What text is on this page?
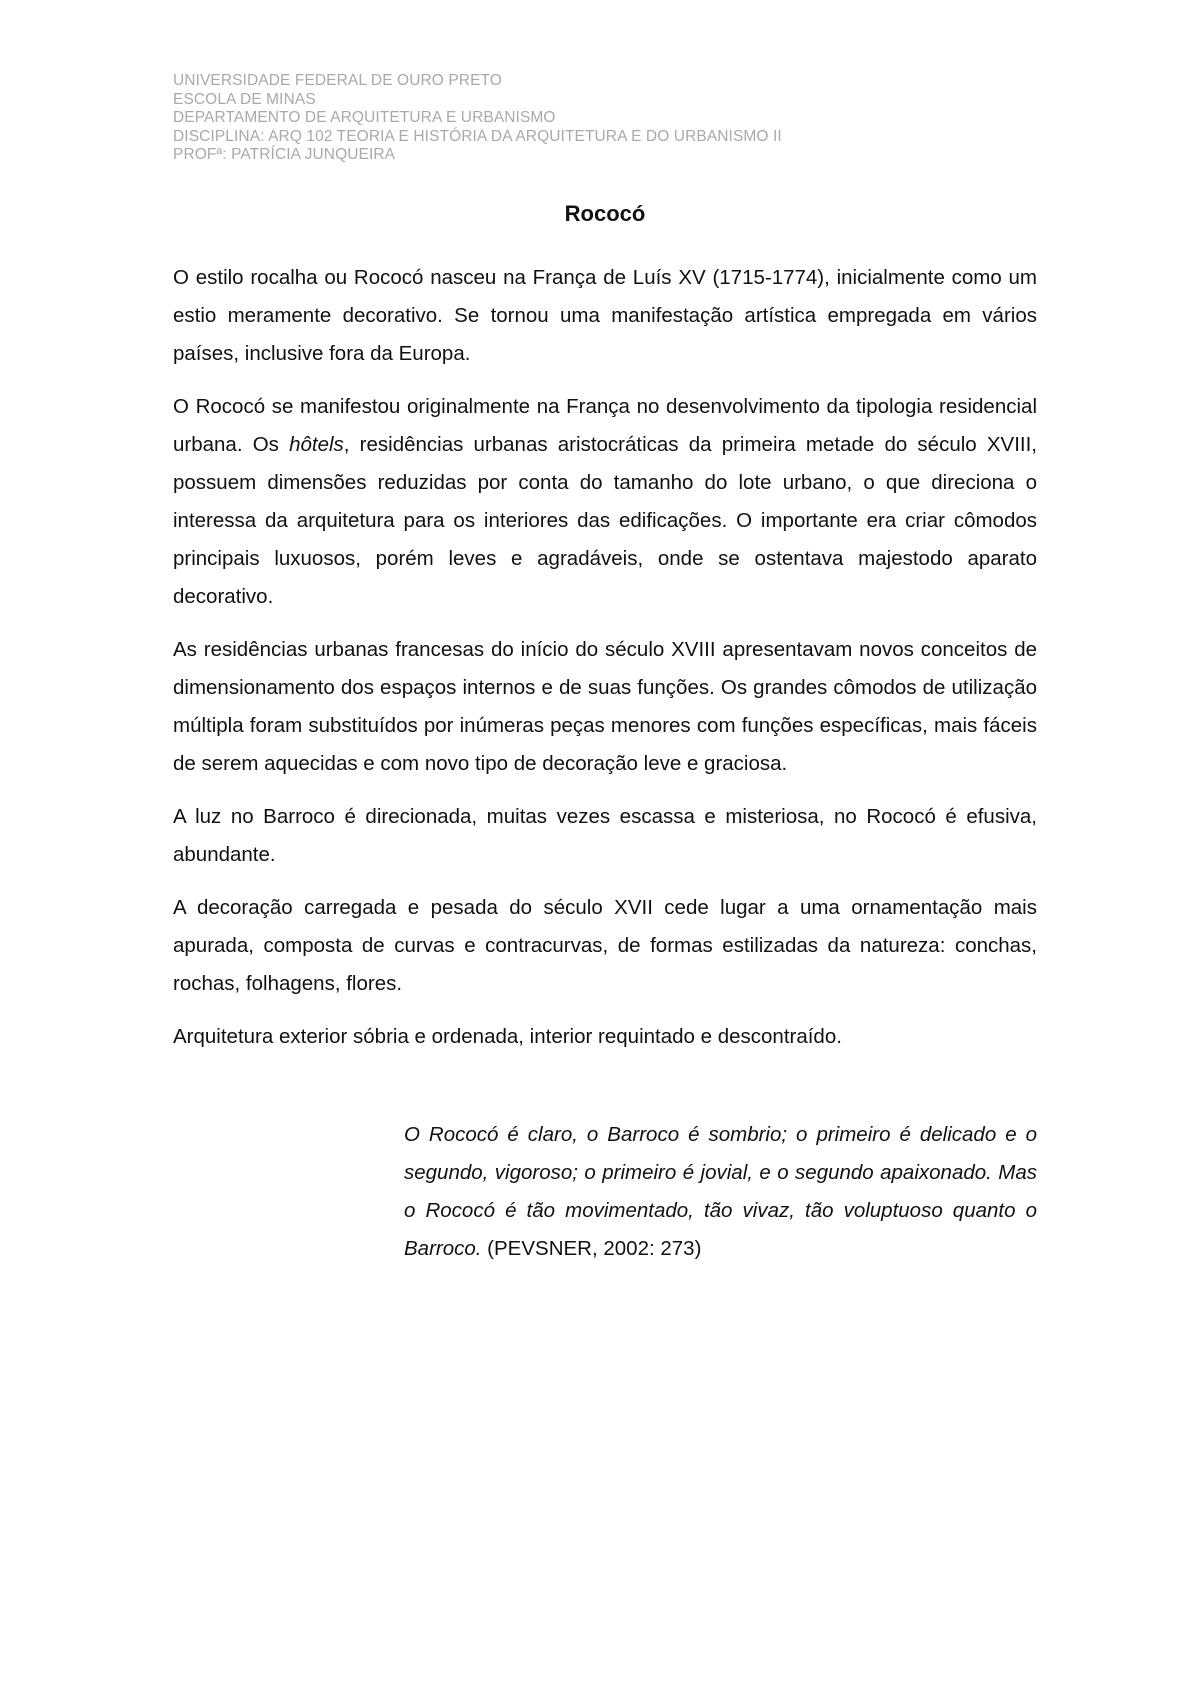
UNIVERSIDADE FEDERAL DE OURO PRETO
ESCOLA DE MINAS
DEPARTAMENTO DE ARQUITETURA E URBANISMO
DISCIPLINA: ARQ 102 TEORIA E HISTÓRIA DA ARQUITETURA E DO URBANISMO II
PROFª: PATRÍCIA JUNQUEIRA
Rococó

O estilo rocalha ou Rococó nasceu na França de Luís XV (1715-1774), inicialmente como um estio meramente decorativo. Se tornou uma manifestação artística empregada em vários países, inclusive fora da Europa.

O Rococó se manifestou originalmente na França no desenvolvimento da tipologia residencial urbana. Os hôtels, residências urbanas aristocráticas da primeira metade do século XVIII, possuem dimensões reduzidas por conta do tamanho do lote urbano, o que direciona o interessa da arquitetura para os interiores das edificações. O importante era criar cômodos principais luxuosos, porém leves e agradáveis, onde se ostentava majestodo aparato decorativo.

As residências urbanas francesas do início do século XVIII apresentavam novos conceitos de dimensionamento dos espaços internos e de suas funções. Os grandes cômodos de utilização múltipla foram substituídos por inúmeras peças menores com funções específicas, mais fáceis de serem aquecidas e com novo tipo de decoração leve e graciosa.

A luz no Barroco é direcionada, muitas vezes escassa e misteriosa, no Rococó é efusiva, abundante.

A decoração carregada e pesada do século XVII cede lugar a uma ornamentação mais apurada, composta de curvas e contracurvas, de formas estilizadas da natureza: conchas, rochas, folhagens, flores.

Arquitetura exterior sóbria e ordenada, interior requintado e descontraído.

O Rococó é claro, o Barroco é sombrio; o primeiro é delicado e o segundo, vigoroso; o primeiro é jovial, e o segundo apaixonado. Mas o Rococó é tão movimentado, tão vivaz, tão voluptuoso quanto o Barroco. (PEVSNER, 2002: 273)
